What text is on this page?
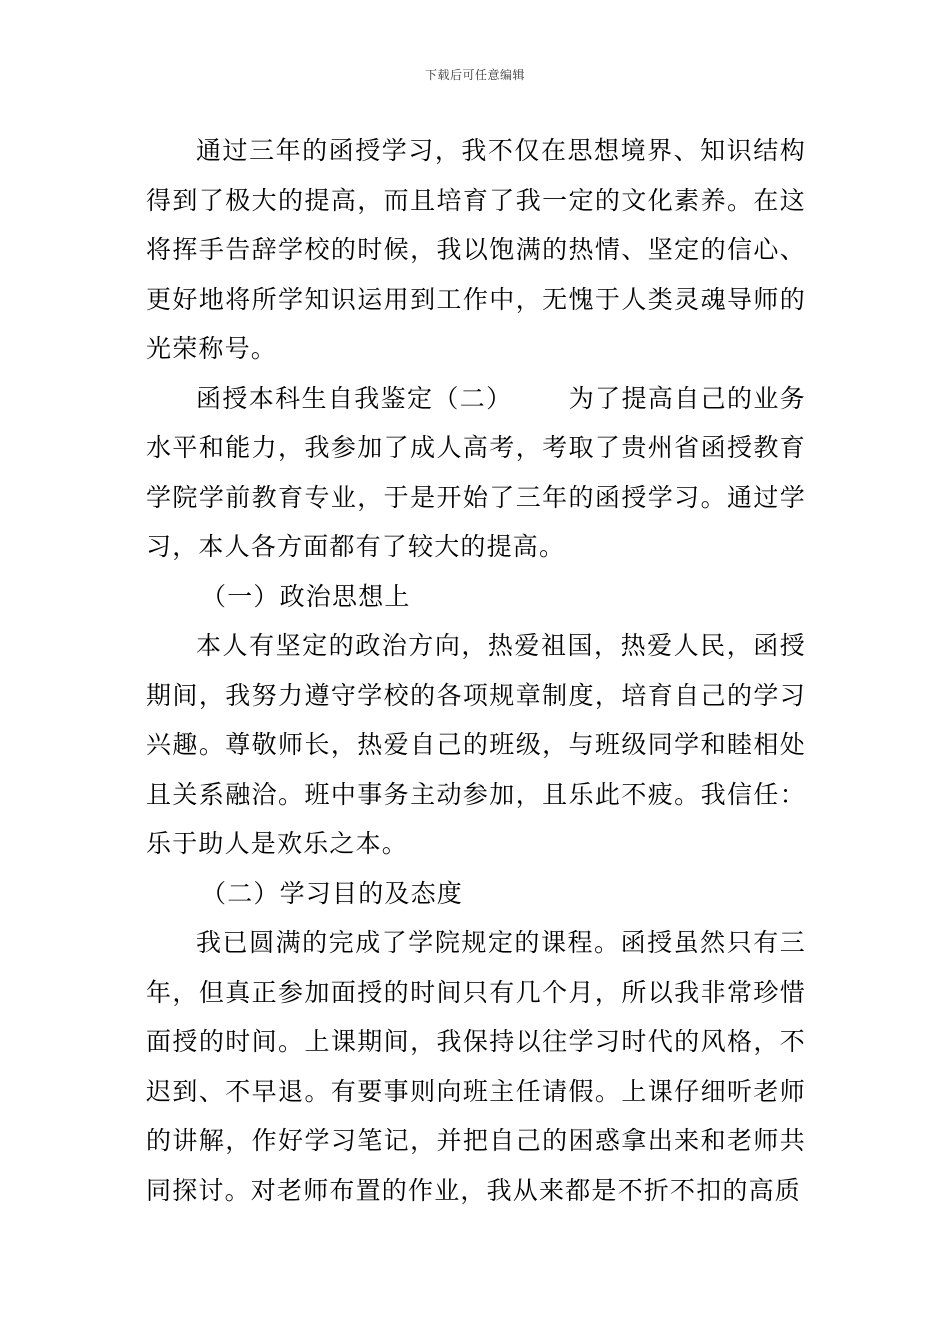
下载后可任意编辑

通过三年的函授学习，我不仅在思想境界、知识结构得到了极大的提高，而且培育了我一定的文化素养。在这将挥手告辞学校的时候，我以饱满的热情、坚定的信心、更好地将所学知识运用到工作中，无愧于人类灵魂导师的光荣称号。

函授本科生自我鉴定（二） 为了提高自己的业务水平和能力，我参加了成人高考，考取了贵州省函授教育学院学前教育专业，于是开始了三年的函授学习。通过学习，本人各方面都有了较大的提高。

（一）政治思想上

本人有坚定的政治方向，热爱祖国，热爱人民，函授期间，我努力遵守学校的各项规章制度，培育自己的学习兴趣。尊敬师长，热爱自己的班级，与班级同学和睦相处且关系融洽。班中事务主动参加，且乐此不疲。我信任：乐于助人是欢乐之本。

（二）学习目的及态度

我已圆满的完成了学院规定的课程。函授虽然只有三年，但真正参加面授的时间只有几个月，所以我非常珍惜面授的时间。上课期间，我保持以往学习时代的风格，不迟到、不早退。有要事则向班主任请假。上课仔细听老师的讲解，作好学习笔记，并把自己的困惑拿出来和老师共同探讨。对老师布置的作业，我从来都是不折不扣的高质
